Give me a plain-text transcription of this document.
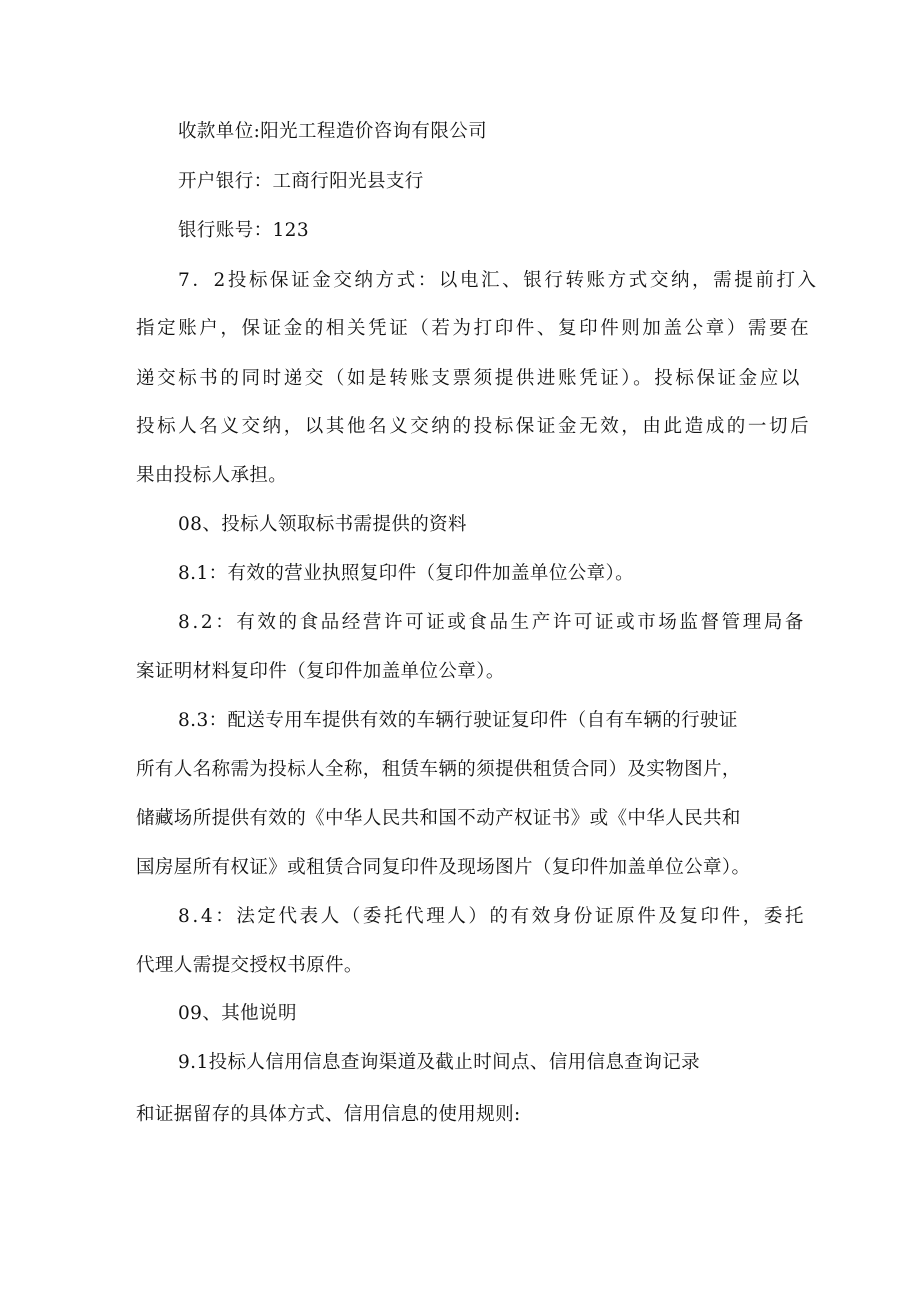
收款单位:阳光工程造价咨询有限公司
开户银行：工商行阳光县支行
银行账号：123
7．2投标保证金交纳方式：以电汇、银行转账方式交纳，需提前打入
指定账户，保证金的相关凭证（若为打印件、复印件则加盖公章）需要在
递交标书的同时递交（如是转账支票须提供进账凭证）。投标保证金应以
投标人名义交纳，以其他名义交纳的投标保证金无效，由此造成的一切后
果由投标人承担。
08、投标人领取标书需提供的资料
8.1：有效的营业执照复印件（复印件加盖单位公章）。
8.2：有效的食品经营许可证或食品生产许可证或市场监督管理局备
案证明材料复印件（复印件加盖单位公章）。
8.3：配送专用车提供有效的车辆行驶证复印件（自有车辆的行驶证
所有人名称需为投标人全称，租赁车辆的须提供租赁合同）及实物图片，
储藏场所提供有效的《中华人民共和国不动产权证书》或《中华人民共和
国房屋所有权证》或租赁合同复印件及现场图片（复印件加盖单位公章）。
8.4：法定代表人（委托代理人）的有效身份证原件及复印件，委托
代理人需提交授权书原件。
09、其他说明
9.1投标人信用信息查询渠道及截止时间点、信用信息查询记录
和证据留存的具体方式、信用信息的使用规则:
